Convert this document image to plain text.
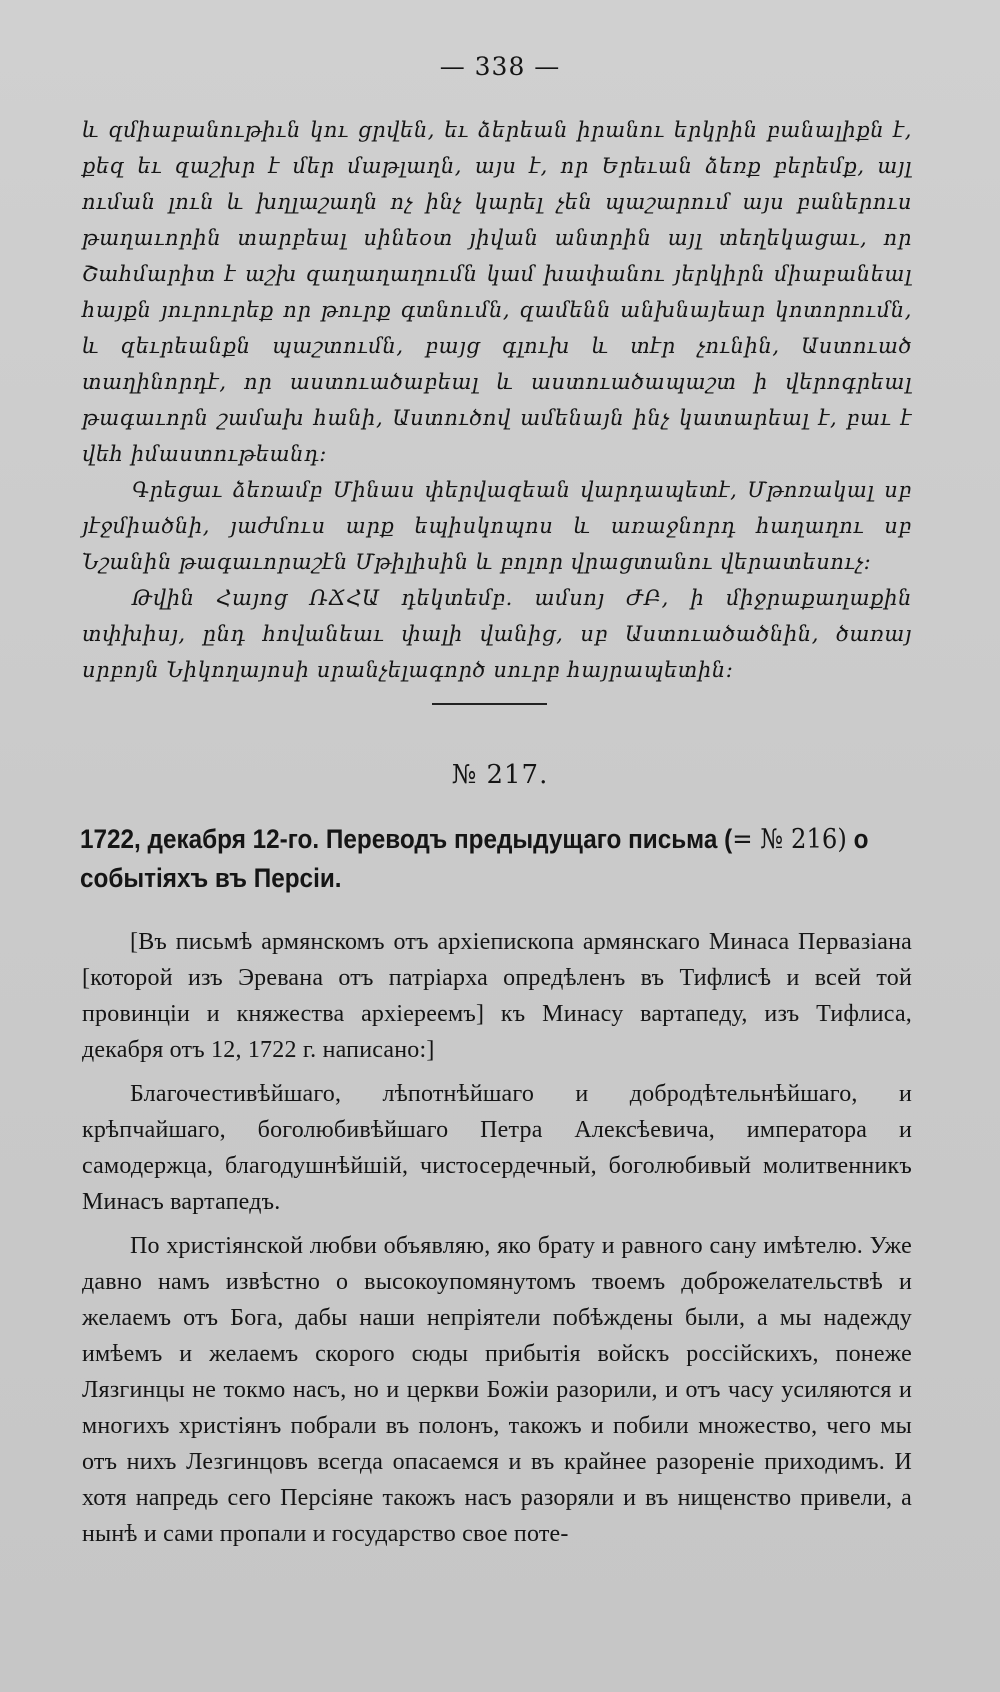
— 338 —

և զմիաբանութիւն կու ցրվեն, եւ ձերեան իրանու երկրին բանալիքն է, քեզ եւ զաշխր է մեր մաթլաղն, այս է, որ Երեւան ձեռք բերեմք, այլ ուման լուն և խղլաշաղն ոչ ինչ կարել չեն պաշարում այս բաներուս թաղաւորին տարբեալ սինեօտ յիվան անտրին այլ տեղեկացաւ, որ Շահմարիտ է աշխ զաղաղաղումն կամ խափանու յերկիրն միաբանեալ հայքն յուրուրեք որ թուրք գտնումն, զամենն անխնայեար կոտորումն, և զեւրեանքն պաշտումն, բայց գլուխ և տէր չունին, Աստուած տաղինորդէ, որ աստուածաբեալ և աստուածապաշտ ի վերոգրեալ թագաւորն շամախ հանի, Աստուծով ամենայն ինչ կատարեալ է, բաւ է վեհ իմաստութեանդ:

Գրեցաւ ձեռամբ Մինաս փերվազեան վարդապետէ, Մթոռակալ սբ յէջմիածնի, յաժմուս արք եպիսկոպոս և առաջնորդ հաղաղու սբ Նշանին թագաւորաշէն Մթիլիսին և բոլոր վրացտանու վերատեսուչ:

Թվին Հայոց ՌՃՀԱ դեկտեմբ. ամսոյ ԺԲ, ի միջրաքաղաքին տփխիսյ, ընդ հովանեաւ փալի վանից, սբ Աստուածածնին, ծառայ սրբոյն Նիկողայոսի սրանչելագործ սուրբ հայրապետին:

№ 217.
1722, декабря 12-го. Переводъ предыдущаго письма (= № 216) о событіяхъ въ Персіи.

[Въ письмѣ армянскомъ отъ архіепископа армянскаго Минаса Первазіана [которой изъ Эревана отъ патріарха опредѣленъ въ Тифлисѣ и всей той провинціи и княжества архіереемъ] къ Минасу вартапеду, изъ Тифлиса, декабря отъ 12, 1722 г. написано:]

Благочестивѣйшаго, лѣпотнѣйшаго и добродѣтельнѣйшаго, и крѣпчайшаго, боголюбивѣйшаго Петра Алексѣевича, императора и самодержца, благодушнѣйшій, чистосердечный, боголюбивый молитвенникъ Минасъ вартапедъ.

По христіянской любви объявляю, яко брату и равного сану имѣтелю. Уже давно намъ извѣстно о высокоупомянутомъ твоемъ доброжелательствѣ и желаемъ отъ Бога, дабы наши непріятели побѣждены были, а мы надежду имѣемъ и желаемъ скорого сюды прибытія войскъ россійскихъ, понеже Лязгинцы не токмо насъ, но и церкви Божіи разорили, и отъ часу усиляются и многихъ христіянъ побрали въ полонъ, такожъ и побили множество, чего мы отъ нихъ Лезгинцовъ всегда опасаемся и въ крайнее разореніе приходимъ. И хотя напредь сего Персіяне такожъ насъ разоряли и въ нищенство привели, а нынѣ и сами пропали и государство свое поте-
